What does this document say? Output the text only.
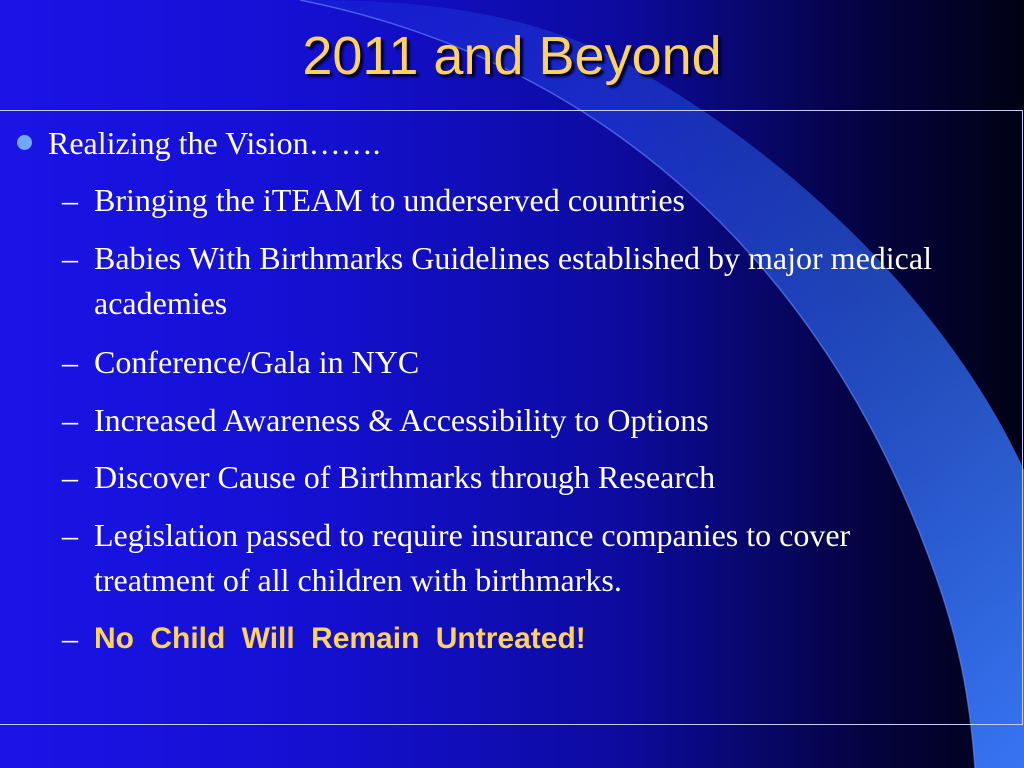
2011 and Beyond
Realizing the Vision…….
– Bringing the iTEAM to underserved countries
– Babies With Birthmarks Guidelines established by major medical academies
– Conference/Gala in NYC
– Increased Awareness & Accessibility to Options
– Discover Cause of Birthmarks through Research
– Legislation passed to require insurance companies to cover treatment of all children with birthmarks.
– No Child Will Remain Untreated!
